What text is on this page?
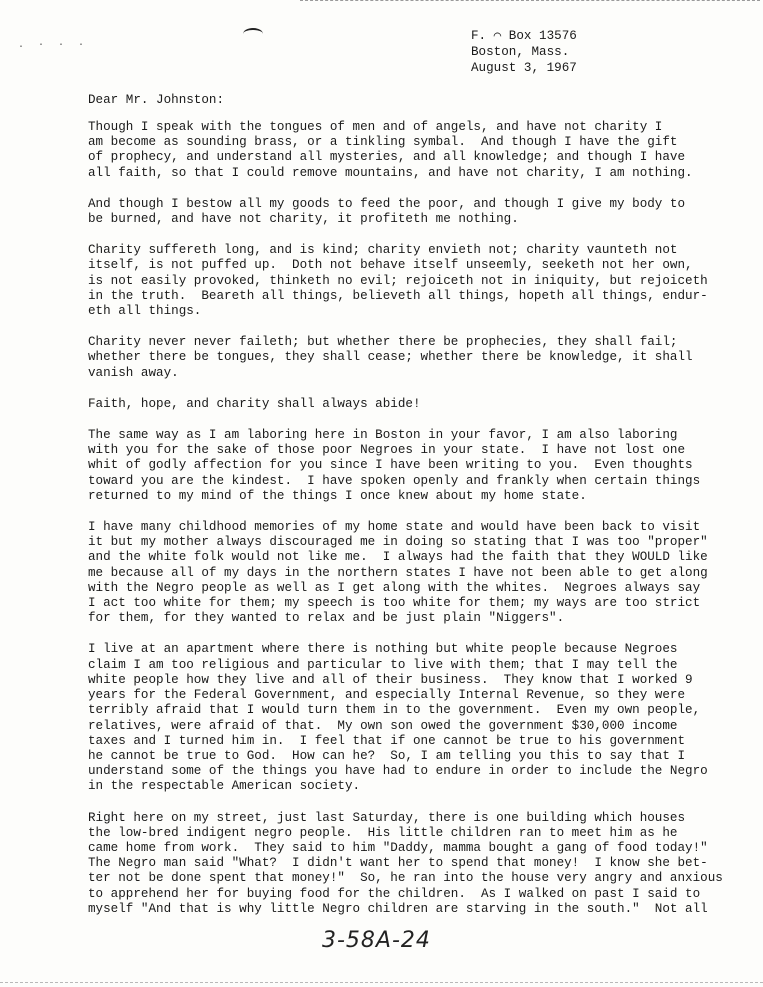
. · · ·
F. ⌒ Box 13576
Boston, Mass.
August 3, 1967
Dear Mr. Johnston:

Though I speak with the tongues of men and of angels, and have not charity I
am become as sounding brass, or a tinkling symbal.  And though I have the gift
of prophecy, and understand all mysteries, and all knowledge; and though I have
all faith, so that I could remove mountains, and have not charity, I am nothing.

And though I bestow all my goods to feed the poor, and though I give my body to
be burned, and have not charity, it profiteth me nothing.

Charity suffereth long, and is kind; charity envieth not; charity vaunteth not
itself, is not puffed up.  Doth not behave itself unseemly, seeketh not her own,
is not easily provoked, thinketh no evil; rejoiceth not in iniquity, but rejoiceth
in the truth.  Beareth all things, believeth all things, hopeth all things, endur-
eth all things.

Charity never never faileth; but whether there be prophecies, they shall fail;
whether there be tongues, they shall cease; whether there be knowledge, it shall
vanish away.

Faith, hope, and charity shall always abide!

The same way as I am laboring here in Boston in your favor, I am also laboring
with you for the sake of those poor Negroes in your state.  I have not lost one
whit of godly affection for you since I have been writing to you.  Even thoughts
toward you are the kindest.  I have spoken openly and frankly when certain things
returned to my mind of the things I once knew about my home state.

I have many childhood memories of my home state and would have been back to visit
it but my mother always discouraged me in doing so stating that I was too "proper"
and the white folk would not like me.  I always had the faith that they WOULD like
me because all of my days in the northern states I have not been able to get along
with the Negro people as well as I get along with the whites.  Negroes always say
I act too white for them; my speech is too white for them; my ways are too strict
for them, for they wanted to relax and be just plain "Niggers".

I live at an apartment where there is nothing but white people because Negroes
claim I am too religious and particular to live with them; that I may tell the
white people how they live and all of their business.  They know that I worked 9
years for the Federal Government, and especially Internal Revenue, so they were
terribly afraid that I would turn them in to the government.  Even my own people,
relatives, were afraid of that.  My own son owed the government $30,000 income
taxes and I turned him in.  I feel that if one cannot be true to his government
he cannot be true to God.  How can he?  So, I am telling you this to say that I
understand some of the things you have had to endure in order to include the Negro
in the respectable American society.

Right here on my street, just last Saturday, there is one building which houses
the low-bred indigent negro people.  His little children ran to meet him as he
came home from work.  They said to him "Daddy, mamma bought a gang of food today!"
The Negro man said "What?  I didn't want her to spend that money!  I know she bet-
ter not be done spent that money!"  So, he ran into the house very angry and anxious
to apprehend her for buying food for the children.  As I walked on past I said to
myself "And that is why little Negro children are starving in the south."  Not all

3-58A-24
